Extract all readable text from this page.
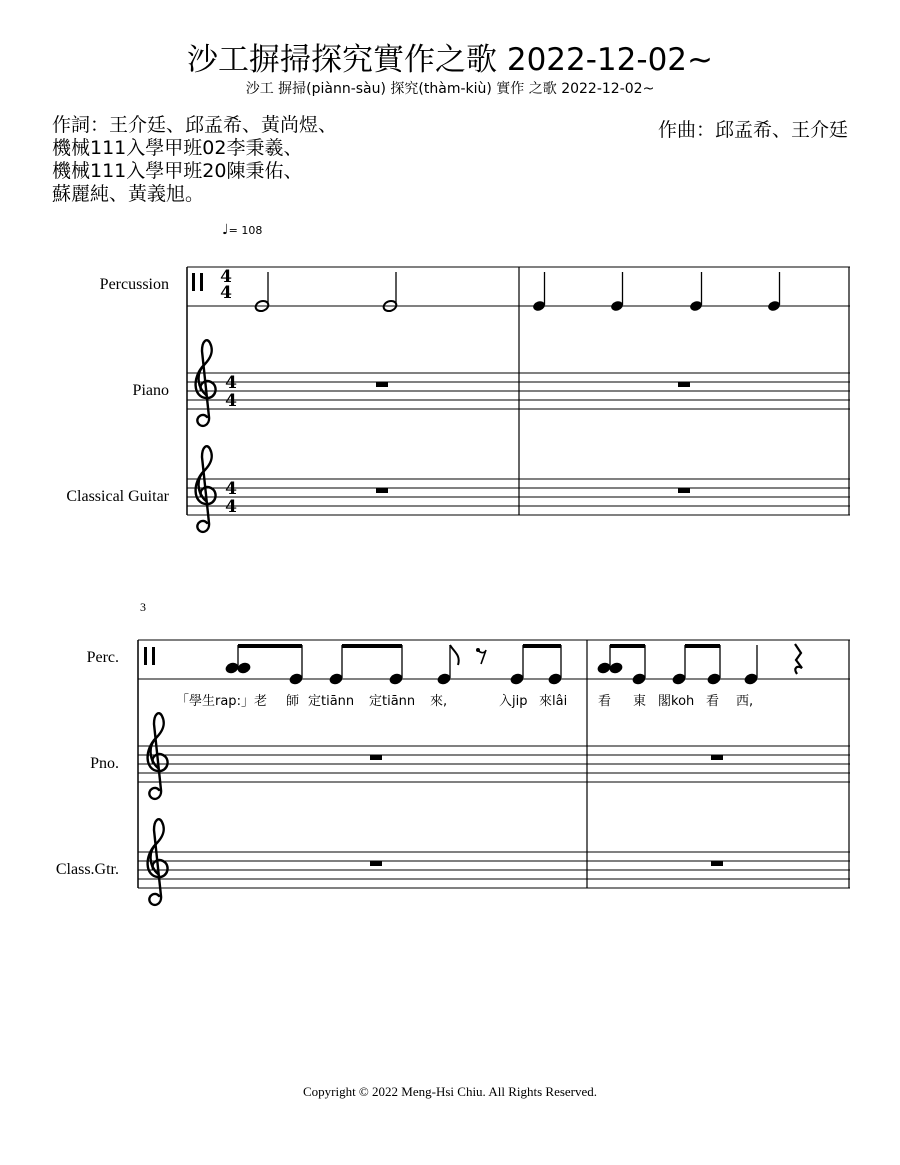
沙工摒掃探究實作之歌 2022-12-02~
沙工 摒掃(piànn-sàu) 探究(thàm-kiù) 實作 之歌 2022-12-02~
作詞：王介廷、邱孟希、黃尚煜、
機械111入學甲班02李秉羲、
機械111入學甲班20陳秉佑、
蘇麗純、黃義旭。
作曲：邱孟希、王介廷
♩= 108
Percussion
Piano
Classical Guitar
3
Perc.
Pno.
Class.Gtr.
4
4
4
4
4
4
「學生rap:」老 師 定tiānn 定tiānn 來,	入jip 來lâi 看 東 閣koh 看 西,
Copyright © 2022 Meng-Hsi Chiu. All Rights Reserved.
